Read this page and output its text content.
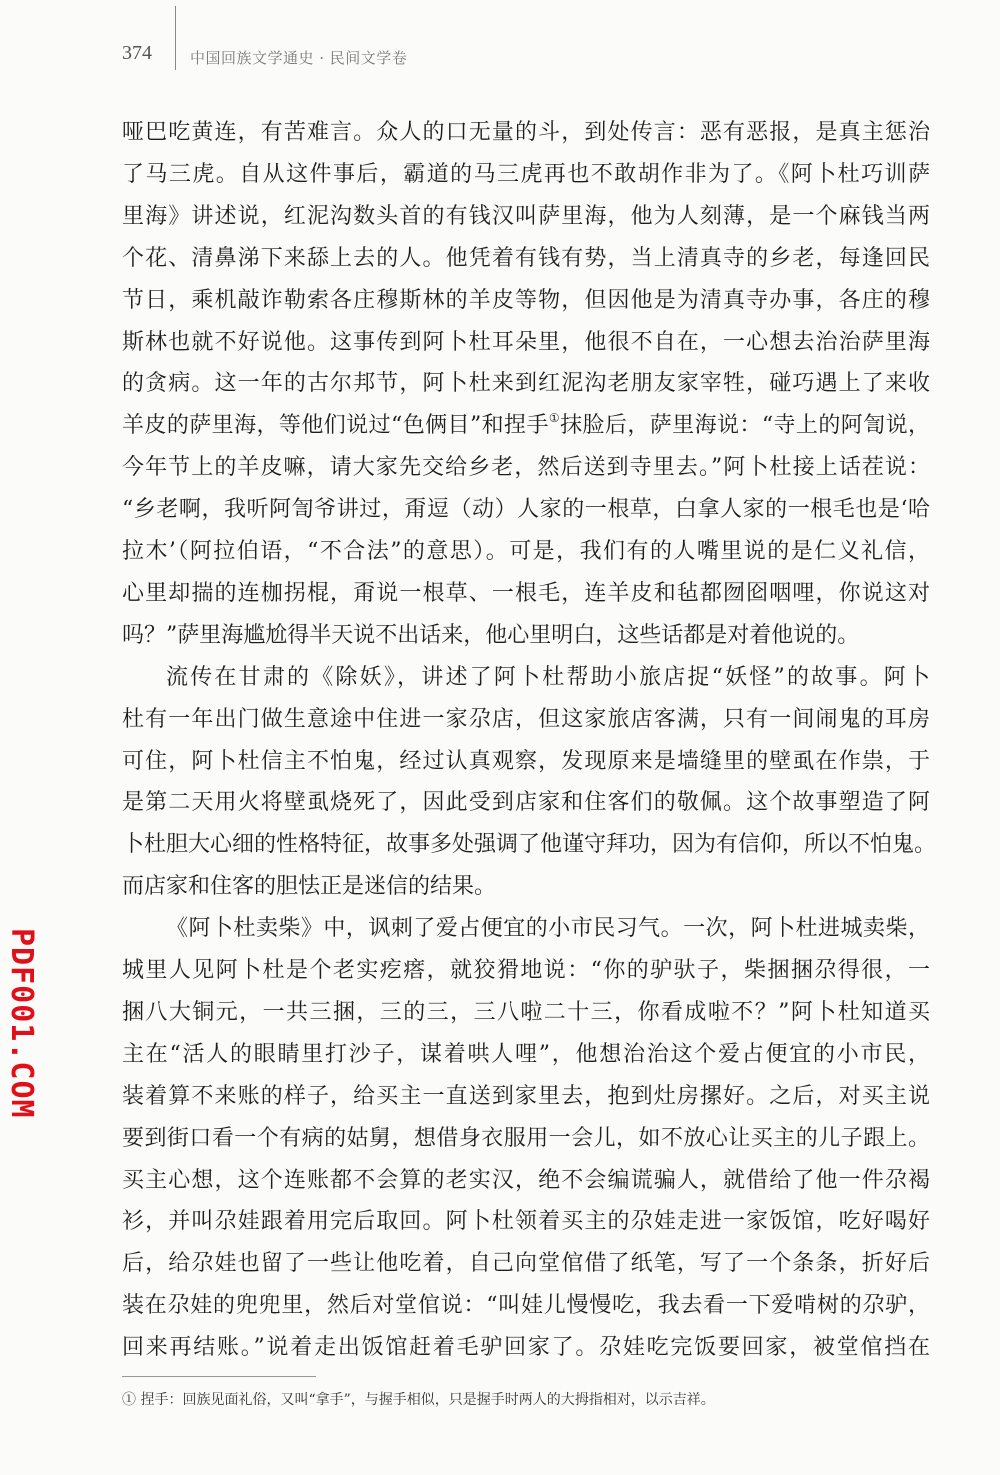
374	中国回族文学通史 · 民间文学卷
哑巴吃黄连，有苦难言。众人的口无量的斗，到处传言：恶有恶报，是真主惩治
了马三虎。自从这件事后，霸道的马三虎再也不敢胡作非为了。《阿卜杜巧训萨
里海》讲述说，红泥沟数头首的有钱汉叫萨里海，他为人刻薄，是一个麻钱当两
个花、清鼻涕下来舔上去的人。他凭着有钱有势，当上清真寺的乡老，每逢回民
节日，乘机敲诈勒索各庄穆斯林的羊皮等物，但因他是为清真寺办事，各庄的穆
斯林也就不好说他。这事传到阿卜杜耳朵里，他很不自在，一心想去治治萨里海
的贪病。这一年的古尔邦节，阿卜杜来到红泥沟老朋友家宰牲，碰巧遇上了来收
羊皮的萨里海，等他们说过“色俩目”和捏手①抹脸后，萨里海说：“寺上的阿訇说，
今年节上的羊皮嘛，请大家先交给乡老，然后送到寺里去。”阿卜杜接上话茬说：
“乡老啊，我听阿訇爷讲过，甭逗（动）人家的一根草，白拿人家的一根毛也是‘哈
拉木’（阿拉伯语，“不合法”的意思）。可是，我们有的人嘴里说的是仁义礼信，
心里却揣的连枷拐棍，甭说一根草、一根毛，连羊皮和毡都囫囵咽哩，你说这对
吗？”萨里海尴尬得半天说不出话来，他心里明白，这些话都是对着他说的。
流传在甘肃的《除妖》，讲述了阿卜杜帮助小旅店捉“妖怪”的故事。阿卜
杜有一年出门做生意途中住进一家尕店，但这家旅店客满，只有一间闹鬼的耳房
可住，阿卜杜信主不怕鬼，经过认真观察，发现原来是墙缝里的壁虱在作祟，于
是第二天用火将壁虱烧死了，因此受到店家和住客们的敬佩。这个故事塑造了阿
卜杜胆大心细的性格特征，故事多处强调了他谨守拜功，因为有信仰，所以不怕鬼。
而店家和住客的胆怯正是迷信的结果。
《阿卜杜卖柴》中，讽刺了爱占便宜的小市民习气。一次，阿卜杜进城卖柴，
城里人见阿卜杜是个老实疙瘩，就狡猾地说：“你的驴驮子，柴捆捆尕得很，一
捆八大铜元，一共三捆，三的三，三八啦二十三，你看成啦不？”阿卜杜知道买
主在“活人的眼睛里打沙子，谋着哄人哩”，他想治治这个爱占便宜的小市民，
装着算不来账的样子，给买主一直送到家里去，抱到灶房摞好。之后，对买主说
要到街口看一个有病的姑舅，想借身衣服用一会儿，如不放心让买主的儿子跟上。
买主心想，这个连账都不会算的老实汉，绝不会编谎骗人，就借给了他一件尕褐
衫，并叫尕娃跟着用完后取回。阿卜杜领着买主的尕娃走进一家饭馆，吃好喝好
后，给尕娃也留了一些让他吃着，自己向堂倌借了纸笔，写了一个条条，折好后
装在尕娃的兜兜里，然后对堂倌说：“叫娃儿慢慢吃，我去看一下爱啃树的尕驴，
回来再结账。”说着走出饭馆赶着毛驴回家了。尕娃吃完饭要回家，被堂倌挡在
① 捏手：回族见面礼俗，又叫“拿手”，与握手相似，只是握手时两人的大拇指相对，以示吉祥。
PDF001.COM
